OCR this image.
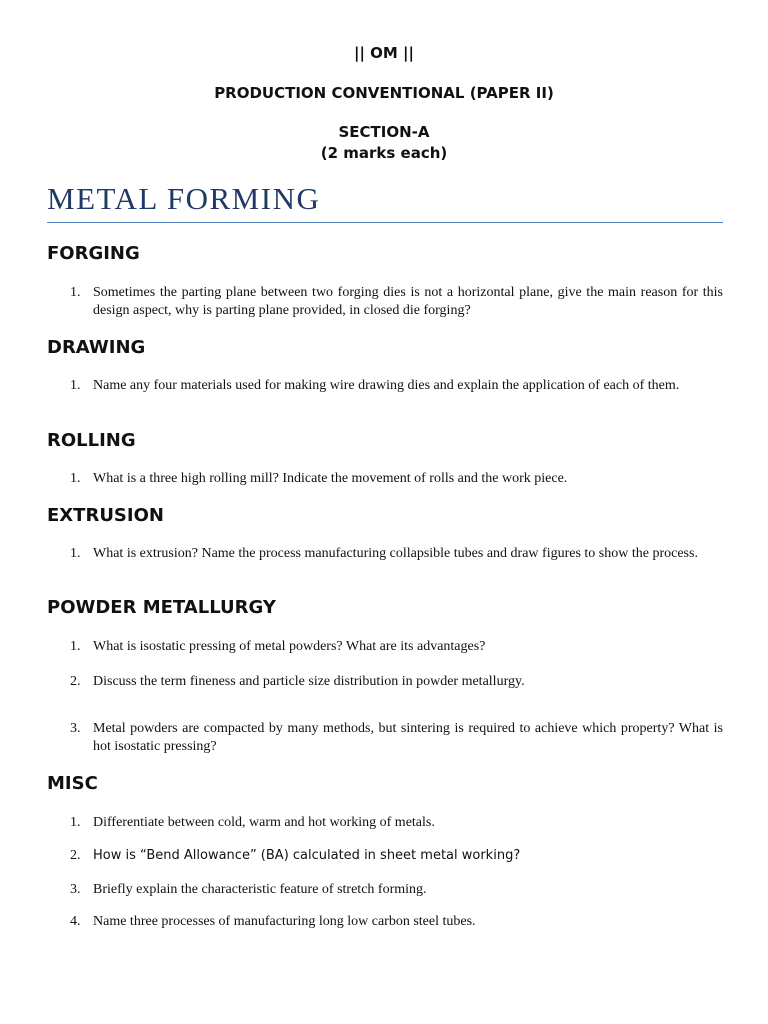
|| OM ||
PRODUCTION CONVENTIONAL (PAPER II)
SECTION-A
(2 marks each)
METAL FORMING
FORGING
1. Sometimes the parting plane between two forging dies is not a horizontal plane, give the main reason for this design aspect, why is parting plane provided, in closed die forging?
DRAWING
1. Name any four materials used for making wire drawing dies and explain the application of each of them.
ROLLING
1. What is a three high rolling mill? Indicate the movement of rolls and the work piece.
EXTRUSION
1. What is extrusion? Name the process manufacturing collapsible tubes and draw figures to show the process.
POWDER METALLURGY
1. What is isostatic pressing of metal powders? What are its advantages?
2. Discuss the term fineness and particle size distribution in powder metallurgy.
3. Metal powders are compacted by many methods, but sintering is required to achieve which property? What is hot isostatic pressing?
MISC
1. Differentiate between cold, warm and hot working of metals.
2. How is “Bend Allowance” (BA) calculated in sheet metal working?
3. Briefly explain the characteristic feature of stretch forming.
4. Name three processes of manufacturing long low carbon steel tubes.
